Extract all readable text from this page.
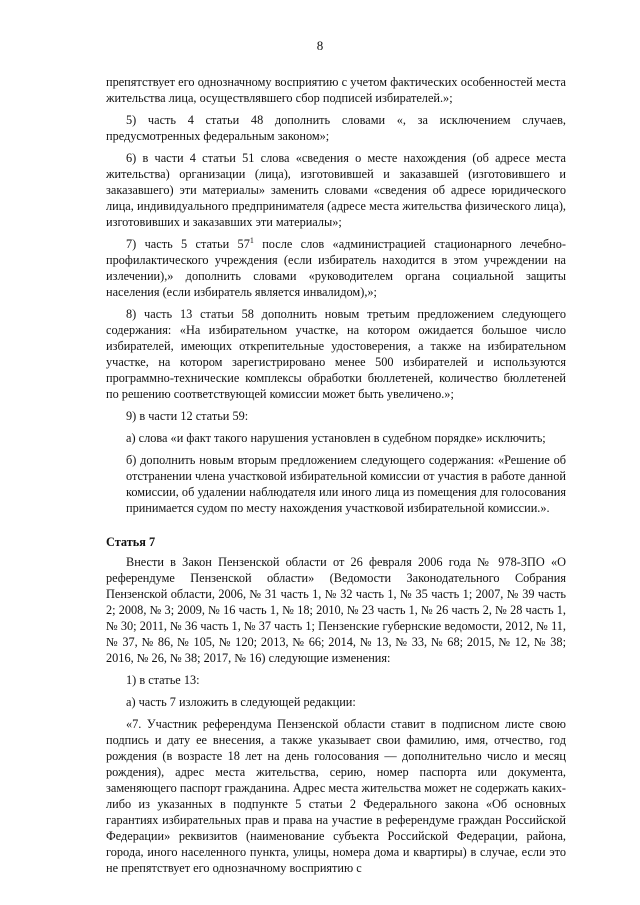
8

препятствует его однозначному восприятию с учетом фактических особенностей места жительства лица, осуществлявшего сбор подписей избирателей.»;

5) часть 4 статьи 48 дополнить словами «, за исключением случаев, предусмотренных федеральным законом»;

6) в части 4 статьи 51 слова «сведения о месте нахождения (об адресе места жительства) организации (лица), изготовившей и заказавшей (изготовившего и заказавшего) эти материалы» заменить словами «сведения об адресе юридического лица, индивидуального предпринимателя (адресе места жительства физического лица), изготовивших и заказавших эти материалы»;

7) часть 5 статьи $57^1$ после слов «администрацией стационарного лечебно-профилактического учреждения (если избиратель находится в этом учреждении на излечении),» дополнить словами «руководителем органа социальной защиты населения (если избиратель является инвалидом),»;

8) часть 13 статьи 58 дополнить новым третьим предложением следующего содержания: «На избирательном участке, на котором ожидается большое число избирателей, имеющих открепительные удостоверения, а также на избирательном участке, на котором зарегистрировано менее 500 избирателей и используются программно-технические комплексы обработки бюллетеней, количество бюллетеней по решению соответствующей комиссии может быть увеличено.»;

9) в части 12 статьи 59:

а) слова «и факт такого нарушения установлен в судебном порядке» исключить;

б) дополнить новым вторым предложением следующего содержания: «Решение об отстранении члена участковой избирательной комиссии от участия в работе данной комиссии, об удалении наблюдателя или иного лица из помещения для голосования принимается судом по месту нахождения участковой избирательной комиссии.».

Статья 7

Внести в Закон Пензенской области от 26 февраля 2006 года № 978-ЗПО «О референдуме Пензенской области» (Ведомости Законодательного Собрания Пензенской области, 2006, № 31 часть 1, № 32 часть 1, № 35 часть 1; 2007, № 39 часть 2; 2008, № 3; 2009, № 16 часть 1, № 18; 2010, № 23 часть 1, № 26 часть 2, № 28 часть 1, № 30; 2011, № 36 часть 1, № 37 часть 1; Пензенские губернские ведомости, 2012, № 11, № 37, № 86, № 105, № 120; 2013, № 66; 2014, № 13, № 33, № 68; 2015, № 12, № 38; 2016, № 26, № 38; 2017, № 16) следующие изменения:

1) в статье 13:

а) часть 7 изложить в следующей редакции:

«7. Участник референдума Пензенской области ставит в подписном листе свою подпись и дату ее внесения, а также указывает свои фамилию, имя, отчество, год рождения (в возрасте 18 лет на день голосования — дополнительно число и месяц рождения), адрес места жительства, серию, номер паспорта или документа, заменяющего паспорт гражданина. Адрес места жительства может не содержать каких-либо из указанных в подпункте 5 статьи 2 Федерального закона «Об основных гарантиях избирательных прав и права на участие в референдуме граждан Российской Федерации» реквизитов (наименование субъекта Российской Федерации, района, города, иного населенного пункта, улицы, номера дома и квартиры) в случае, если это не препятствует его однозначному восприятию с
